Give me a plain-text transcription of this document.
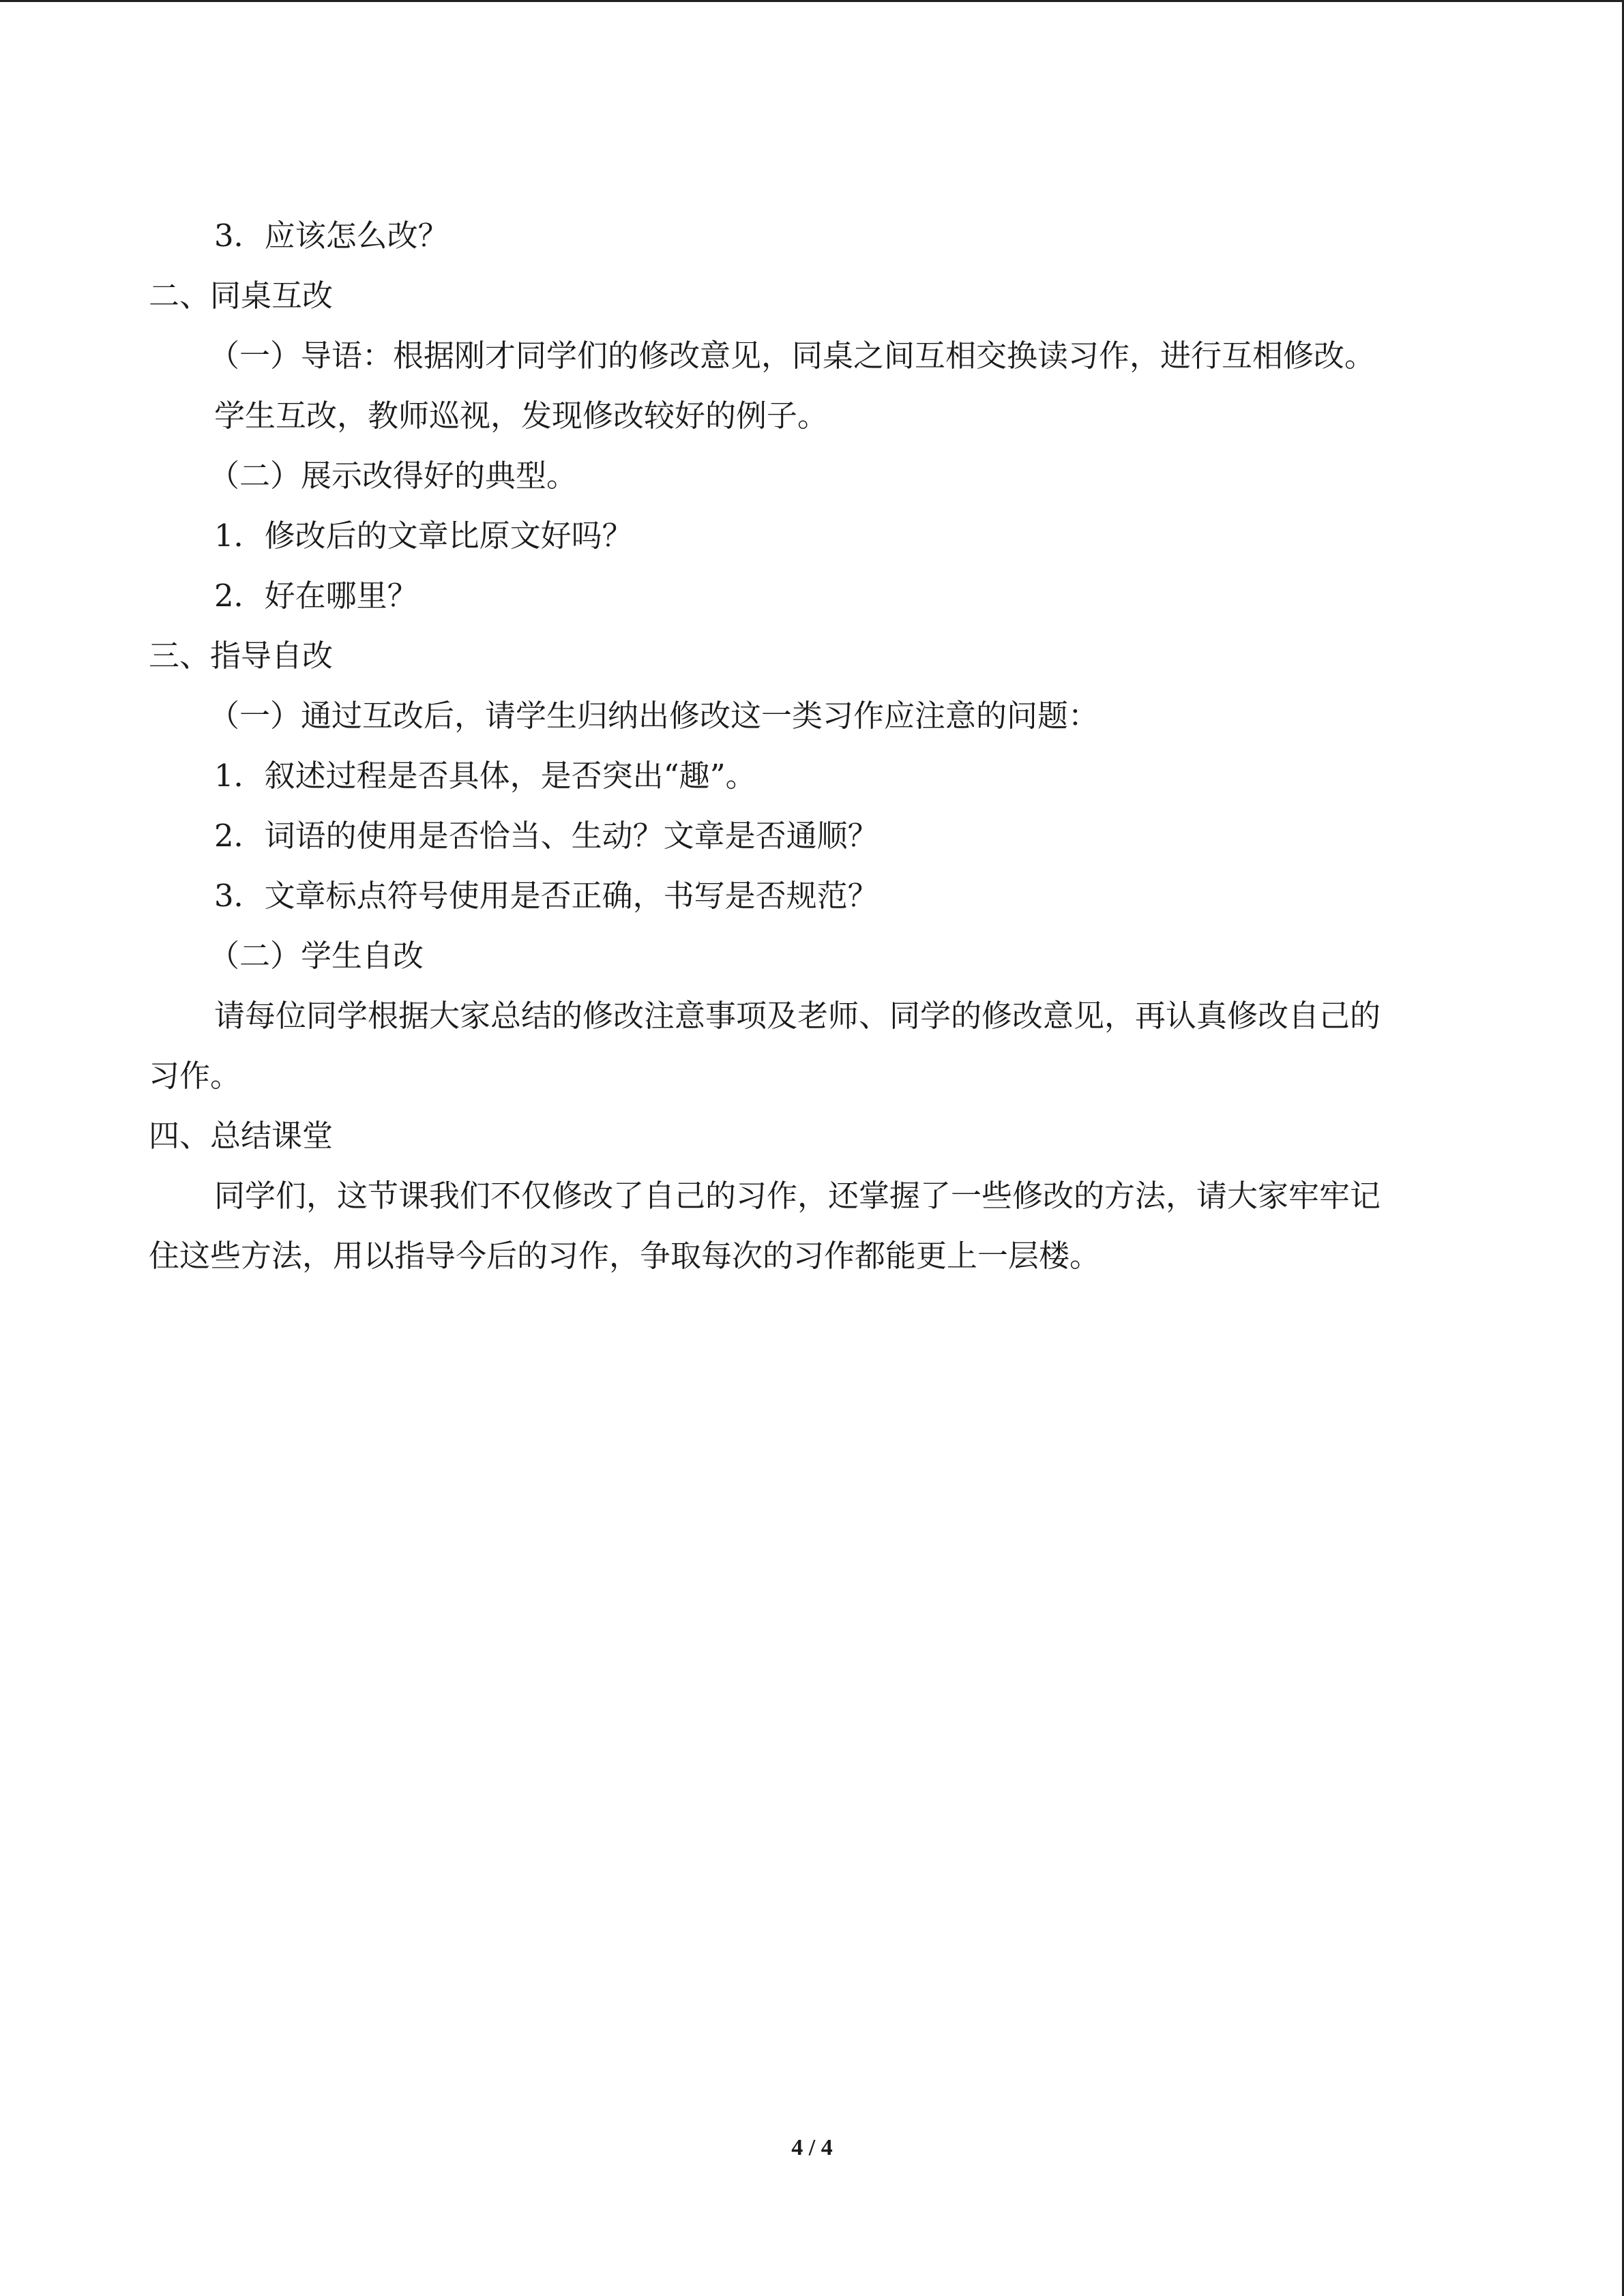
3．应该怎么改？
二、同桌互改
（一）导语：根据刚才同学们的修改意见，同桌之间互相交换读习作，进行互相修改。
学生互改，教师巡视，发现修改较好的例子。
（二）展示改得好的典型。
1．修改后的文章比原文好吗？
2．好在哪里？
三、指导自改
（一）通过互改后，请学生归纳出修改这一类习作应注意的问题：
1．叙述过程是否具体，是否突出“趣”。
2．词语的使用是否恰当、生动？文章是否通顺？
3．文章标点符号使用是否正确，书写是否规范？
（二）学生自改
请每位同学根据大家总结的修改注意事项及老师、同学的修改意见，再认真修改自己的
习作。
四、总结课堂
同学们，这节课我们不仅修改了自己的习作，还掌握了一些修改的方法，请大家牢牢记
住这些方法，用以指导今后的习作，争取每次的习作都能更上一层楼。
4 / 4
